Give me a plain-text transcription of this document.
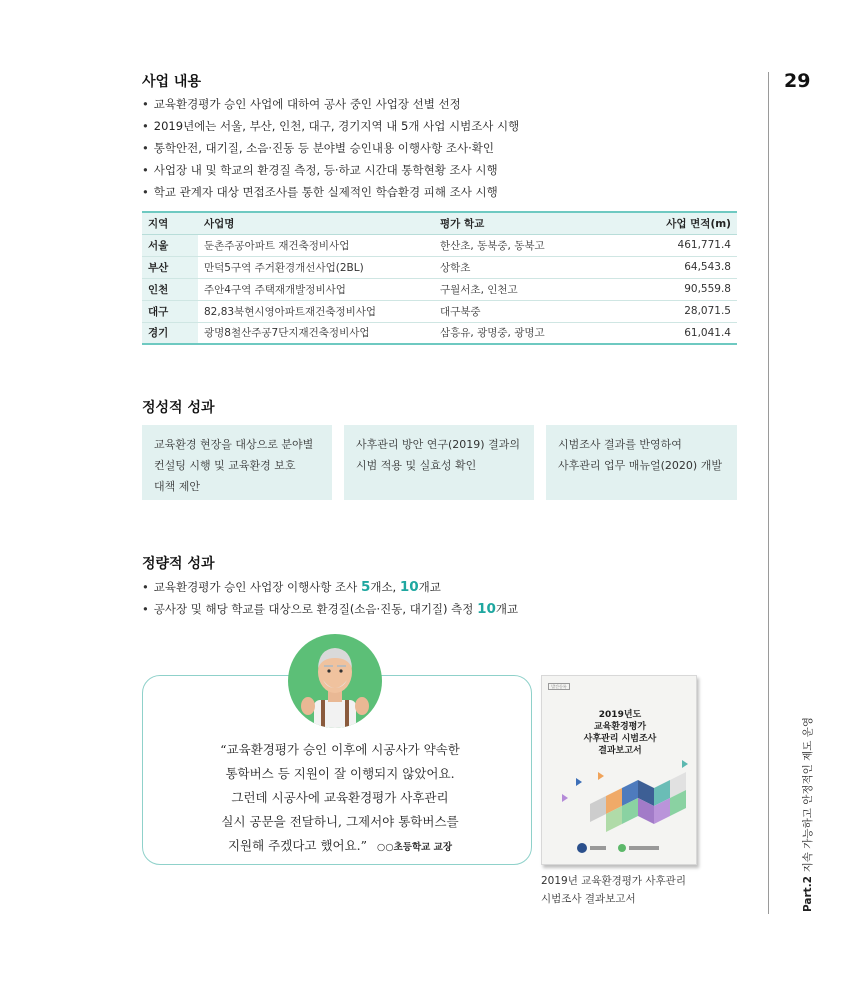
29
Part.2 지속 가능하고 안정적인 제도 운영
사업 내용
• 교육환경평가 승인 사업에 대하여 공사 중인 사업장 선별 선정
• 2019년에는 서울, 부산, 인천, 대구, 경기지역 내 5개 사업 시범조사 시행
• 통학안전, 대기질, 소음·진동 등 분야별 승인내용 이행사항 조사·확인
• 사업장 내 및 학교의 환경질 측정, 등·하교 시간대 통학현황 조사 시행
• 학교 관계자 대상 면접조사를 통한 실제적인 학습환경 피해 조사 시행
지역	사업명	평가 학교	사업 면적(m)
서울	둔촌주공아파트 재건축정비사업	한산초, 동북중, 동북고	461,771.4
부산	만덕5구역 주거환경개선사업(2BL)	상학초	64,543.8
인천	주안4구역 주택재개발정비사업	구월서초, 인천고	90,559.8
대구	82,83북현시영아파트재건축정비사업	대구북중	28,071.5
경기	광명8철산주공7단지재건축정비사업	삼흥유, 광명중, 광명고	61,041.4
정성적 성과
교육환경 현장을 대상으로 분야별
컨설팅 시행 및 교육환경 보호
대책 제안
사후관리 방안 연구(2019) 결과의
시범 적용 및 실효성 확인
시범조사 결과를 반영하여
사후관리 업무 매뉴얼(2020) 개발
정량적 성과
• 교육환경평가 승인 사업장 이행사항 조사 5개소, 10개교
• 공사장 및 해당 학교를 대상으로 환경질(소음·진동, 대기질) 측정 10개교
“교육환경평가 승인 이후에 시공사가 약속한
통학버스 등 지원이 잘 이행되지 않았어요.
그런데 시공사에 교육환경평가 사후관리
실시 공문을 전달하니, 그제서야 통학버스를
지원해 주겠다고 했어요.” ○○초등학교 교장
발간등록
2019년도
교육환경평가
사후관리 시범조사
결과보고서
2019년 교육환경평가 사후관리
시범조사 결과보고서
